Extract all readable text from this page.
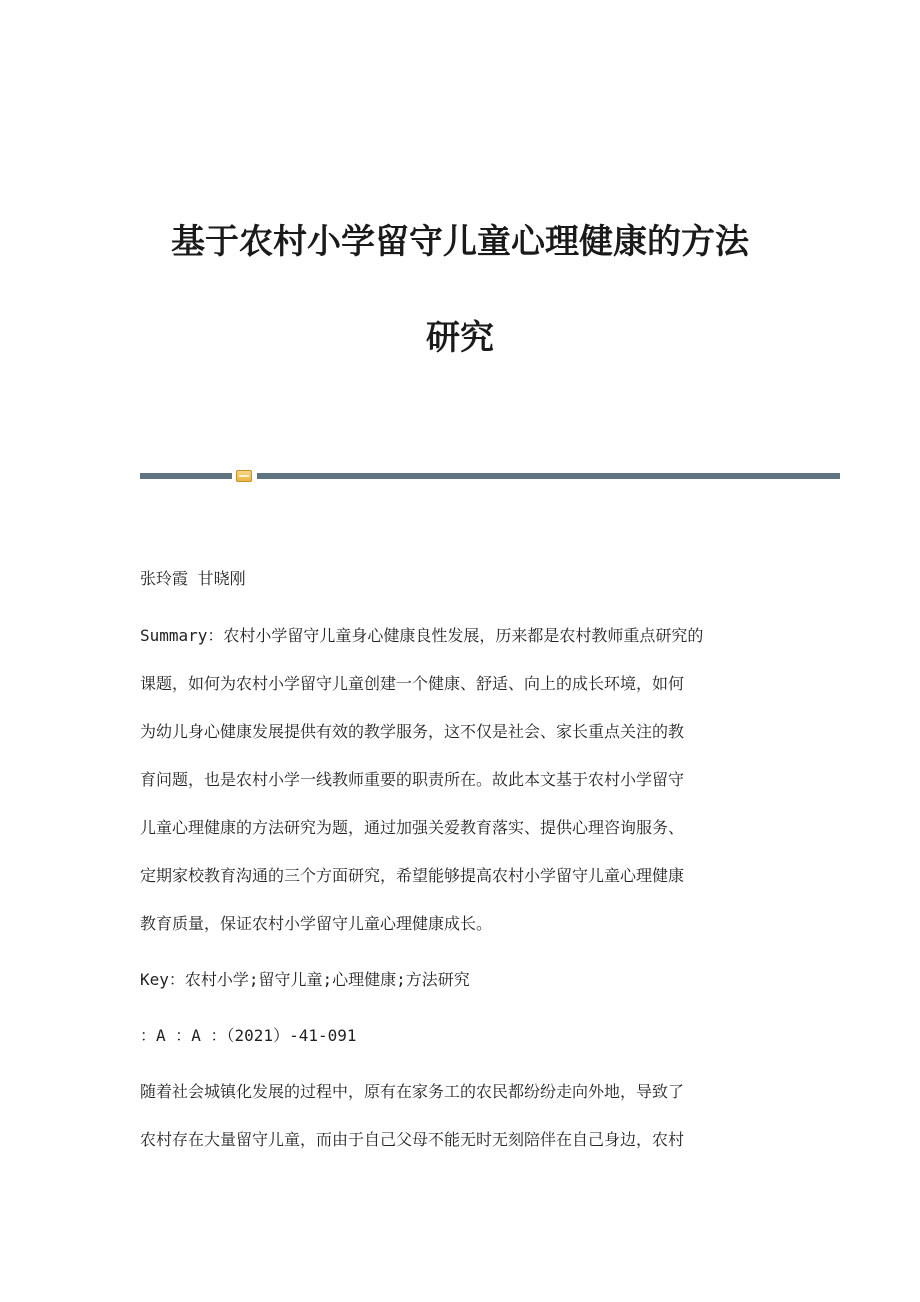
基于农村小学留守儿童心理健康的方法
研究
张玲霞 甘晓刚
Summary：农村小学留守儿童身心健康良性发展，历来都是农村教师重点研究的
课题，如何为农村小学留守儿童创建一个健康、舒适、向上的成长环境，如何
为幼儿身心健康发展提供有效的教学服务，这不仅是社会、家长重点关注的教
育问题，也是农村小学一线教师重要的职责所在。故此本文基于农村小学留守
儿童心理健康的方法研究为题，通过加强关爱教育落实、提供心理咨询服务、
定期家校教育沟通的三个方面研究，希望能够提高农村小学留守儿童心理健康
教育质量，保证农村小学留守儿童心理健康成长。
Key：农村小学;留守儿童;心理健康;方法研究
：A ：A ：（2021）-41-091
随着社会城镇化发展的过程中，原有在家务工的农民都纷纷走向外地，导致了
农村存在大量留守儿童，而由于自己父母不能无时无刻陪伴在自己身边，农村
